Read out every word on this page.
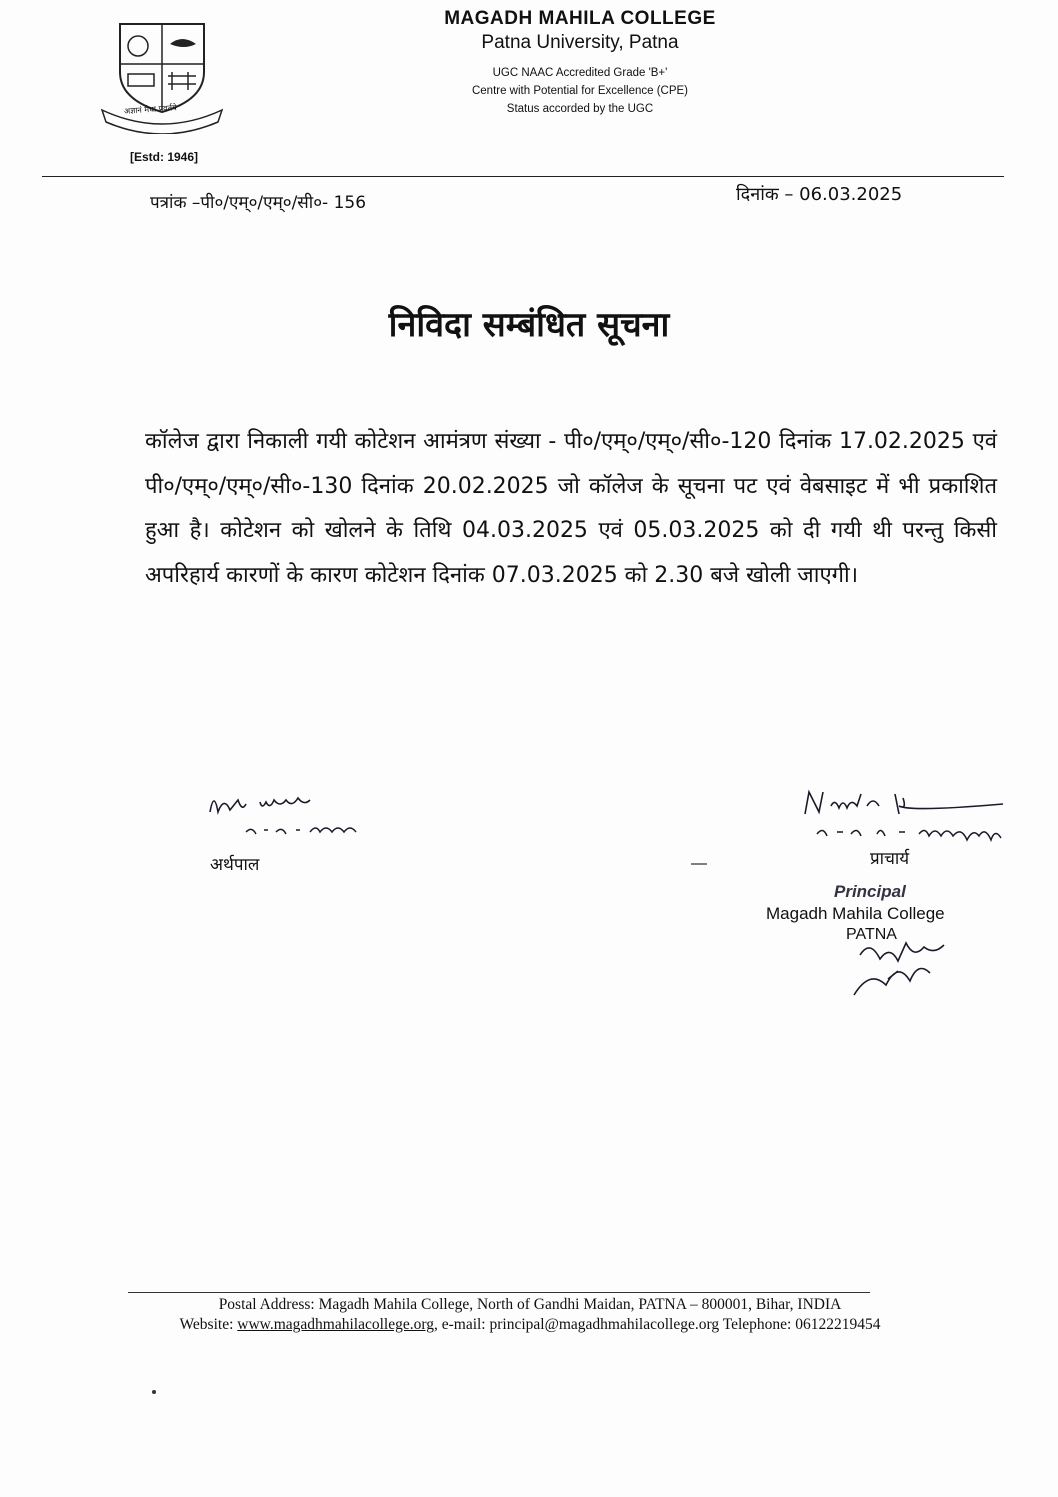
अज्ञानं मेधा प्रवर्तये
[Estd: 1946]
MAGADH MAHILA COLLEGE
Patna University, Patna
UGC NAAC Accredited Grade 'B+'
Centre with Potential for Excellence (CPE)
Status accorded by the UGC
पत्रांक –पी०/एम्०/एम्०/सी०- 156	दिनांक – 06.03.2025
निविदा सम्बंधित सूचना
कॉलेज द्वारा निकाली गयी कोटेशन आमंत्रण संख्या - पी०/एम्०/एम्०/सी०-120 दिनांक 17.02.2025 एवं पी०/एम्०/एम्०/सी०-130 दिनांक 20.02.2025 जो कॉलेज के सूचना पट एवं वेबसाइट में भी प्रकाशित हुआ है। कोटेशन को खोलने के तिथि 04.03.2025 एवं 05.03.2025 को दी गयी थी परन्तु किसी अपरिहार्य कारणों के कारण कोटेशन दिनांक 07.03.2025 को 2.30 बजे खोली जाएगी।
अर्थपाल	प्राचार्य
Principal
Magadh Mahila College
PATNA
Postal Address: Magadh Mahila College, North of Gandhi Maidan, PATNA – 800001, Bihar, INDIA
Website: www.magadhmahilacollege.org, e-mail: principal@magadhmahilacollege.org Telephone: 06122219454
